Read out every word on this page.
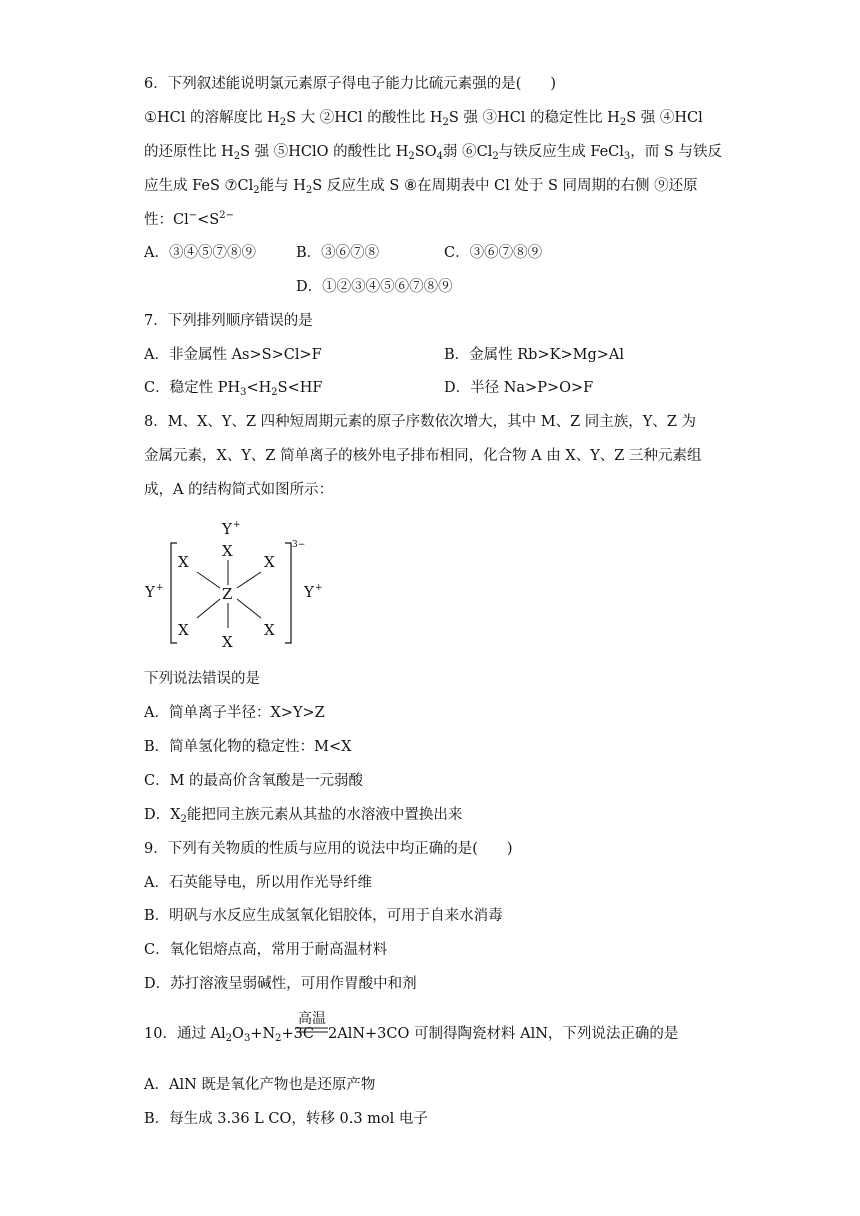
6．下列叙述能说明氯元素原子得电子能力比硫元素强的是(　　)
①HCl 的溶解度比 $H_2S$ 大 ②HCl 的酸性比 $H_2S$ 强 ③HCl 的稳定性比 $H_2S$ 强 ④HCl
的还原性比 $H_2S$ 强 ⑤HClO 的酸性比 $H_2SO_4$弱 $⑥Cl_2$与铁反应生成 FeCl$_3$，而 S 与铁反
应生成 FeS $⑦Cl_2$能与 $H_2S$ 反应生成 S ⑧在周期表中 Cl 处于 S 同周期的右侧 ⑨还原
性：$Cl^-<S^{2-}$
A．③④⑤⑦⑧⑨	B．③⑥⑦⑧	C．③⑥⑦⑧⑨
D．①②③④⑤⑥⑦⑧⑨
7．下列排列顺序错误的是
A．非金属性 As>S>Cl>F	B．金属性 Rb>K>Mg>Al
C．稳定性 $PH_3<H_2S<HF$	D．半径 Na>P>O>F
8．M、X、Y、Z 四种短周期元素的原子序数依次增大，其中 M、Z 同主族，Y、Z 为
金属元素，X、Y、Z 简单离子的核外电子排布相同，化合物 A 由 X、Y、Z 三种元素组
成，A 的结构简式如图所示：
Y +
X
X	X
Z
X	X
X
3−
Y +	Y +
下列说法错误的是
A．简单离子半径：X>Y>Z
B．简单氢化物的稳定性：M<X
C．M 的最高价含氧酸是一元弱酸
D．$X_2$能把同主族元素从其盐的水溶液中置换出来
9．下列有关物质的性质与应用的说法中均正确的是(　　)
A．石英能导电，所以用作光导纤维
B．明矾与水反应生成氢氧化铝胶体，可用于自来水消毒
C．氧化铝熔点高，常用于耐高温材料
D．苏打溶液呈弱碱性，可用作胃酸中和剂
高温
10．通过 $Al_2O_3+N_2+3C$ 2AlN+3CO 可制得陶瓷材料 AlN，下列说法正确的是
A．AlN 既是氧化产物也是还原产物
B．每生成 3.36 L CO，转移 0.3 mol 电子
